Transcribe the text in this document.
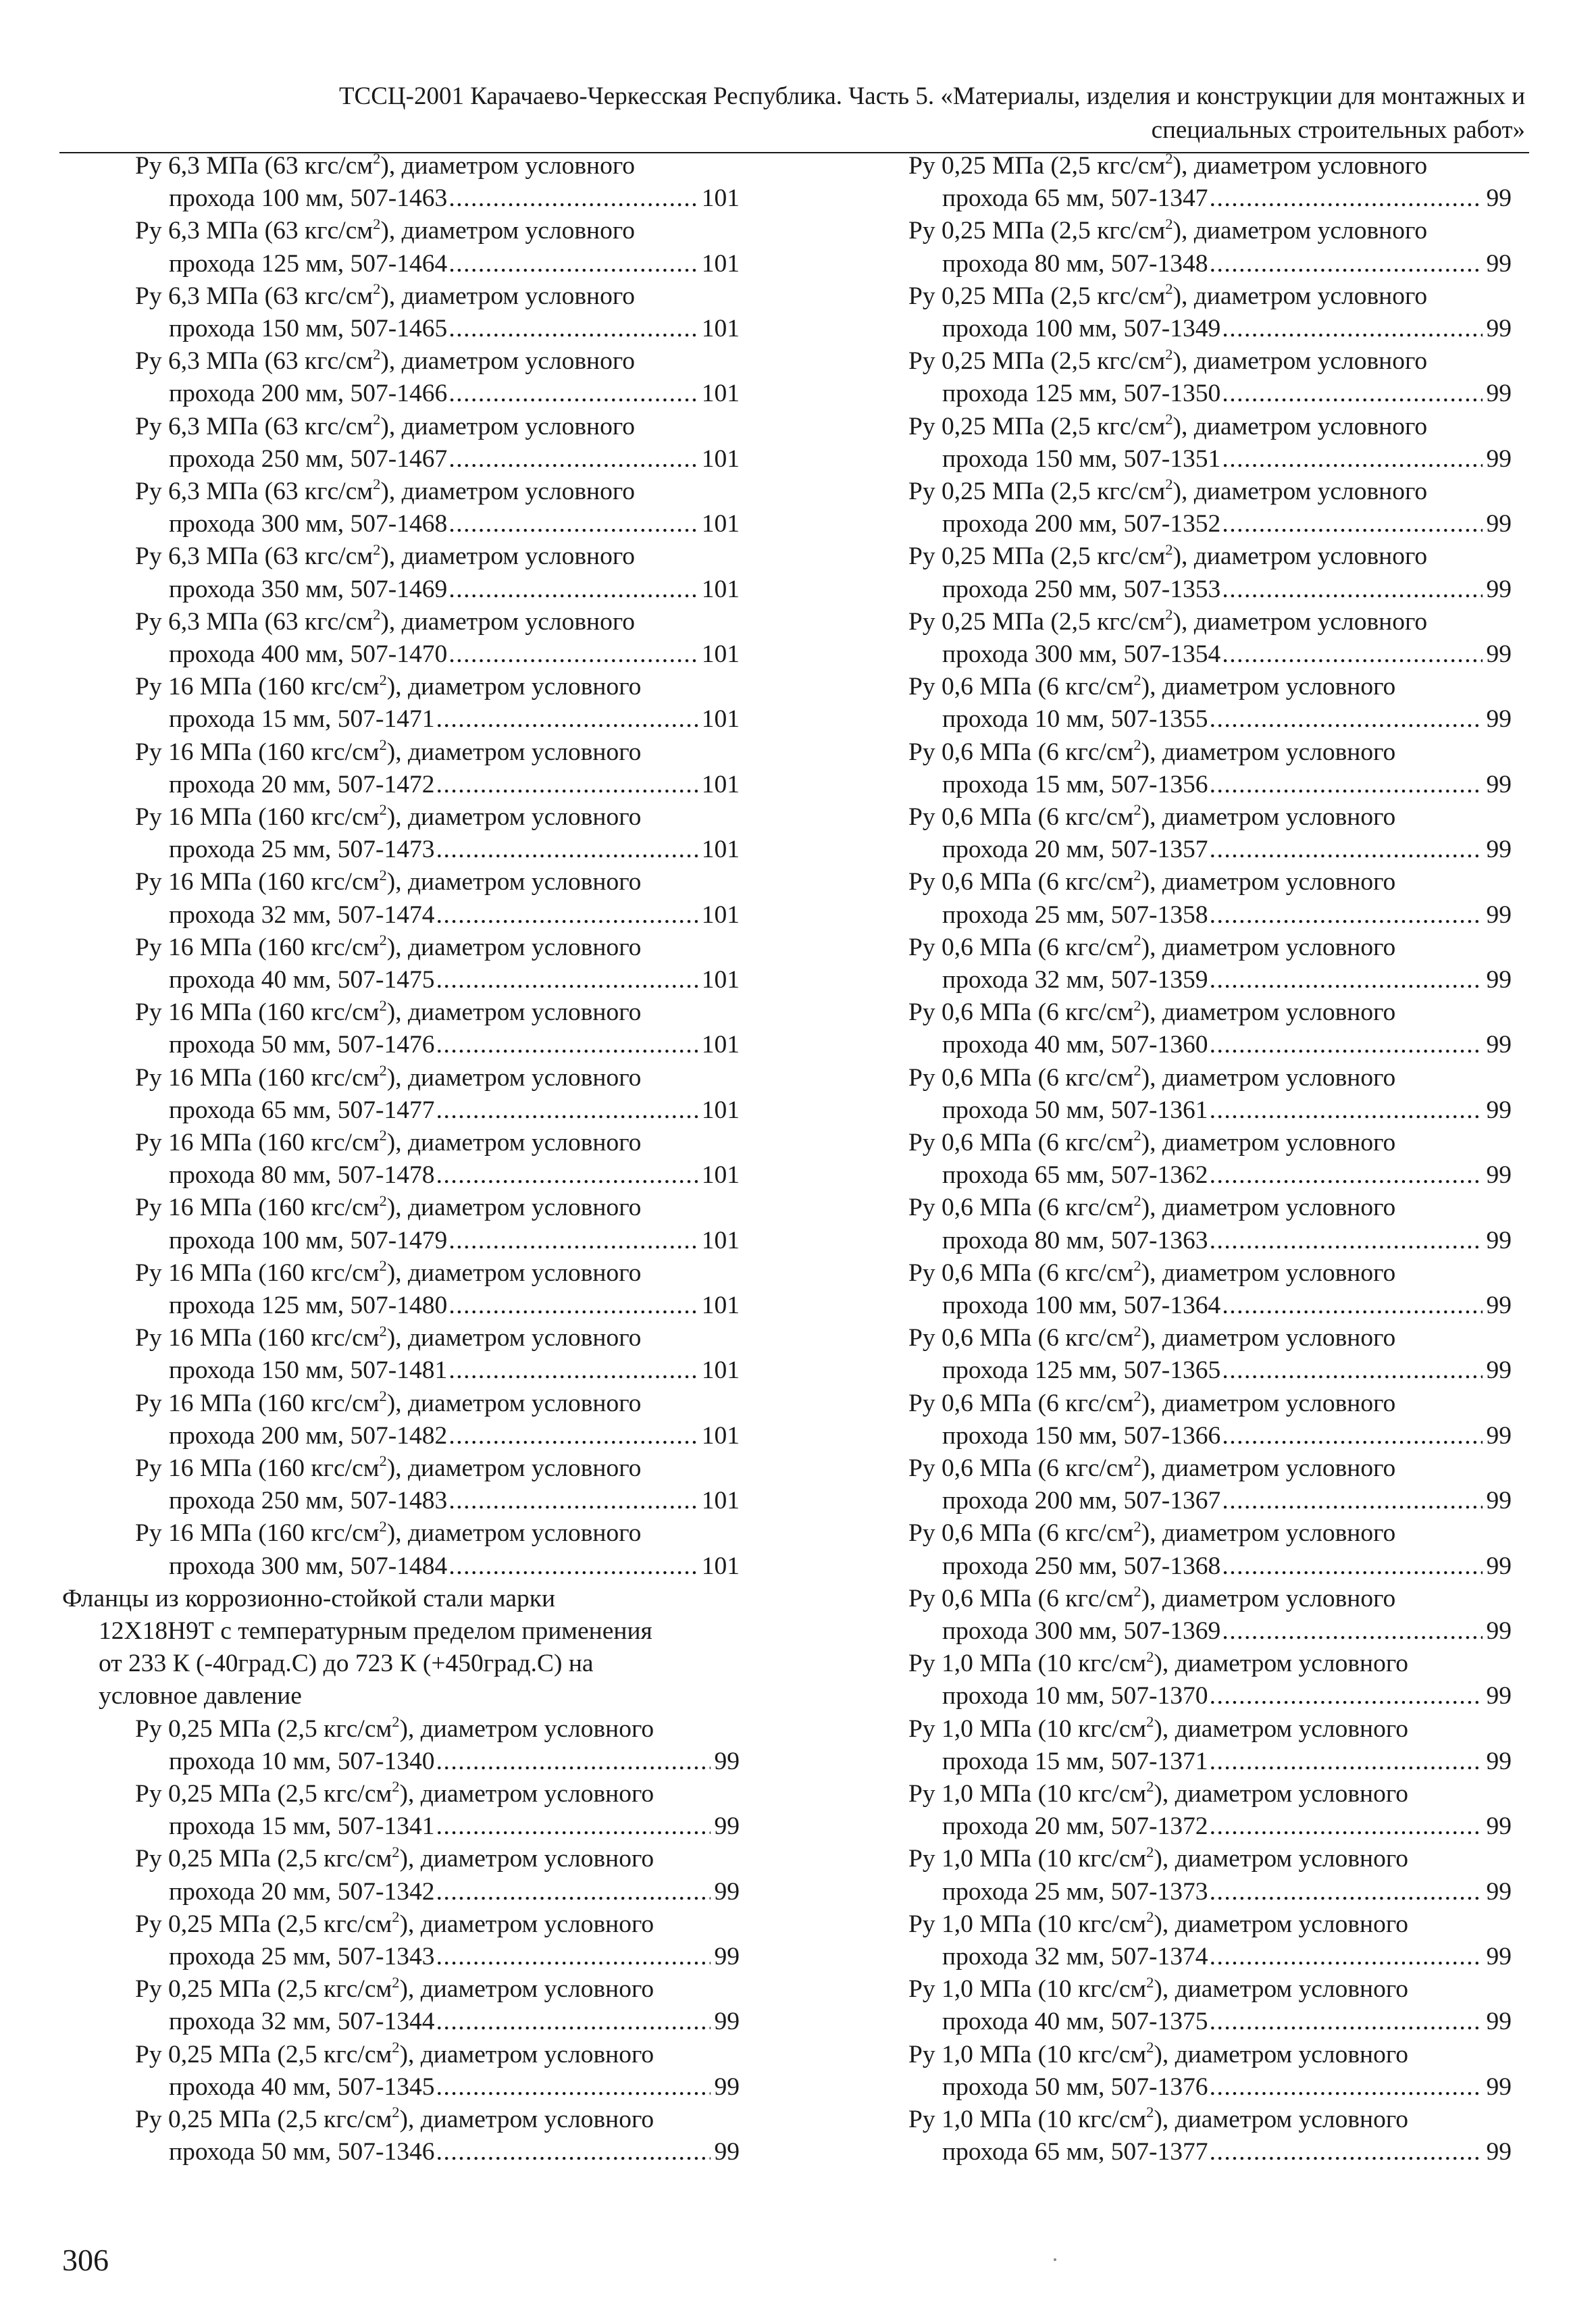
ТССЦ-2001 Карачаево-Черкесская Республика. Часть 5. «Материалы, изделия и конструкции для монтажных и
специальных строительных работ»
Ру 6,3 МПа (63 кгс/$см^2$), диаметром условного
прохода 100 мм, 507-1463 .....	101
Ру 6,3 МПа (63 кгс/$см^2$), диаметром условного
прохода 125 мм, 507-1464 .....	101
Ру 6,3 МПа (63 кгс/$см^2$), диаметром условного
прохода 150 мм, 507-1465 .....	101
Ру 6,3 МПа (63 кгс/$см^2$), диаметром условного
прохода 200 мм, 507-1466 .....	101
Ру 6,3 МПа (63 кгс/$см^2$), диаметром условного
прохода 250 мм, 507-1467 .....	101
Ру 6,3 МПа (63 кгс/$см^2$), диаметром условного
прохода 300 мм, 507-1468 .....	101
Ру 6,3 МПа (63 кгс/$см^2$), диаметром условного
прохода 350 мм, 507-1469 .....	101
Ру 6,3 МПа (63 кгс/$см^2$), диаметром условного
прохода 400 мм, 507-1470 .....	101
Ру 16 МПа (160 кгс/$см^2$), диаметром условного
прохода 15 мм, 507-1471 .....	101
Ру 16 МПа (160 кгс/$см^2$), диаметром условного
прохода 20 мм, 507-1472 .....	101
Ру 16 МПа (160 кгс/$см^2$), диаметром условного
прохода 25 мм, 507-1473 .....	101
Ру 16 МПа (160 кгс/$см^2$), диаметром условного
прохода 32 мм, 507-1474 .....	101
Ру 16 МПа (160 кгс/$см^2$), диаметром условного
прохода 40 мм, 507-1475 .....	101
Ру 16 МПа (160 кгс/$см^2$), диаметром условного
прохода 50 мм, 507-1476 .....	101
Ру 16 МПа (160 кгс/$см^2$), диаметром условного
прохода 65 мм, 507-1477 .....	101
Ру 16 МПа (160 кгс/$см^2$), диаметром условного
прохода 80 мм, 507-1478 .....	101
Ру 16 МПа (160 кгс/$см^2$), диаметром условного
прохода 100 мм, 507-1479 .....	101
Ру 16 МПа (160 кгс/$см^2$), диаметром условного
прохода 125 мм, 507-1480 .....	101
Ру 16 МПа (160 кгс/$см^2$), диаметром условного
прохода 150 мм, 507-1481 .....	101
Ру 16 МПа (160 кгс/$см^2$), диаметром условного
прохода 200 мм, 507-1482 .....	101
Ру 16 МПа (160 кгс/$см^2$), диаметром условного
прохода 250 мм, 507-1483 .....	101
Ру 16 МПа (160 кгс/$см^2$), диаметром условного
прохода 300 мм, 507-1484 .....	101
Фланцы из коррозионно-стойкой стали марки
12Х18Н9Т с температурным пределом применения
от 233 К (-40град.С) до 723 К (+450град.С) на
условное давление
Ру 0,25 МПа (2,5 кгс/$см^2$), диаметром условного
прохода 10 мм, 507-1340 .....	99
Ру 0,25 МПа (2,5 кгс/$см^2$), диаметром условного
прохода 15 мм, 507-1341 .....	99
Ру 0,25 МПа (2,5 кгс/$см^2$), диаметром условного
прохода 20 мм, 507-1342 .....	99
Ру 0,25 МПа (2,5 кгс/$см^2$), диаметром условного
прохода 25 мм, 507-1343 .....	99
Ру 0,25 МПа (2,5 кгс/$см^2$), диаметром условного
прохода 32 мм, 507-1344 .....	99
Ру 0,25 МПа (2,5 кгс/$см^2$), диаметром условного
прохода 40 мм, 507-1345 .....	99
Ру 0,25 МПа (2,5 кгс/$см^2$), диаметром условного
прохода 50 мм, 507-1346 .....	99
Ру 0,25 МПа (2,5 кгс/$см^2$), диаметром условного
прохода 65 мм, 507-1347 .....	99
Ру 0,25 МПа (2,5 кгс/$см^2$), диаметром условного
прохода 80 мм, 507-1348 .....	99
Ру 0,25 МПа (2,5 кгс/$см^2$), диаметром условного
прохода 100 мм, 507-1349 .....	99
Ру 0,25 МПа (2,5 кгс/$см^2$), диаметром условного
прохода 125 мм, 507-1350 .....	99
Ру 0,25 МПа (2,5 кгс/$см^2$), диаметром условного
прохода 150 мм, 507-1351 .....	99
Ру 0,25 МПа (2,5 кгс/$см^2$), диаметром условного
прохода 200 мм, 507-1352 .....	99
Ру 0,25 МПа (2,5 кгс/$см^2$), диаметром условного
прохода 250 мм, 507-1353 .....	99
Ру 0,25 МПа (2,5 кгс/$см^2$), диаметром условного
прохода 300 мм, 507-1354 .....	99
Ру 0,6 МПа (6 кгс/$см^2$), диаметром условного
прохода 10 мм, 507-1355 .....	99
Ру 0,6 МПа (6 кгс/$см^2$), диаметром условного
прохода 15 мм, 507-1356 .....	99
Ру 0,6 МПа (6 кгс/$см^2$), диаметром условного
прохода 20 мм, 507-1357 .....	99
Ру 0,6 МПа (6 кгс/$см^2$), диаметром условного
прохода 25 мм, 507-1358 .....	99
Ру 0,6 МПа (6 кгс/$см^2$), диаметром условного
прохода 32 мм, 507-1359 .....	99
Ру 0,6 МПа (6 кгс/$см^2$), диаметром условного
прохода 40 мм, 507-1360 .....	99
Ру 0,6 МПа (6 кгс/$см^2$), диаметром условного
прохода 50 мм, 507-1361 .....	99
Ру 0,6 МПа (6 кгс/$см^2$), диаметром условного
прохода 65 мм, 507-1362 .....	99
Ру 0,6 МПа (6 кгс/$см^2$), диаметром условного
прохода 80 мм, 507-1363 .....	99
Ру 0,6 МПа (6 кгс/$см^2$), диаметром условного
прохода 100 мм, 507-1364 .....	99
Ру 0,6 МПа (6 кгс/$см^2$), диаметром условного
прохода 125 мм, 507-1365 .....	99
Ру 0,6 МПа (6 кгс/$см^2$), диаметром условного
прохода 150 мм, 507-1366 .....	99
Ру 0,6 МПа (6 кгс/$см^2$), диаметром условного
прохода 200 мм, 507-1367 .....	99
Ру 0,6 МПа (6 кгс/$см^2$), диаметром условного
прохода 250 мм, 507-1368 .....	99
Ру 0,6 МПа (6 кгс/$см^2$), диаметром условного
прохода 300 мм, 507-1369 .....	99
Ру 1,0 МПа (10 кгс/$см^2$), диаметром условного
прохода 10 мм, 507-1370 .....	99
Ру 1,0 МПа (10 кгс/$см^2$), диаметром условного
прохода 15 мм, 507-1371 .....	99
Ру 1,0 МПа (10 кгс/$см^2$), диаметром условного
прохода 20 мм, 507-1372 .....	99
Ру 1,0 МПа (10 кгс/$см^2$), диаметром условного
прохода 25 мм, 507-1373 .....	99
Ру 1,0 МПа (10 кгс/$см^2$), диаметром условного
прохода 32 мм, 507-1374 .....	99
Ру 1,0 МПа (10 кгс/$см^2$), диаметром условного
прохода 40 мм, 507-1375 .....	99
Ру 1,0 МПа (10 кгс/$см^2$), диаметром условного
прохода 50 мм, 507-1376 .....	99
Ру 1,0 МПа (10 кгс/$см^2$), диаметром условного
прохода 65 мм, 507-1377 .....	99
306
